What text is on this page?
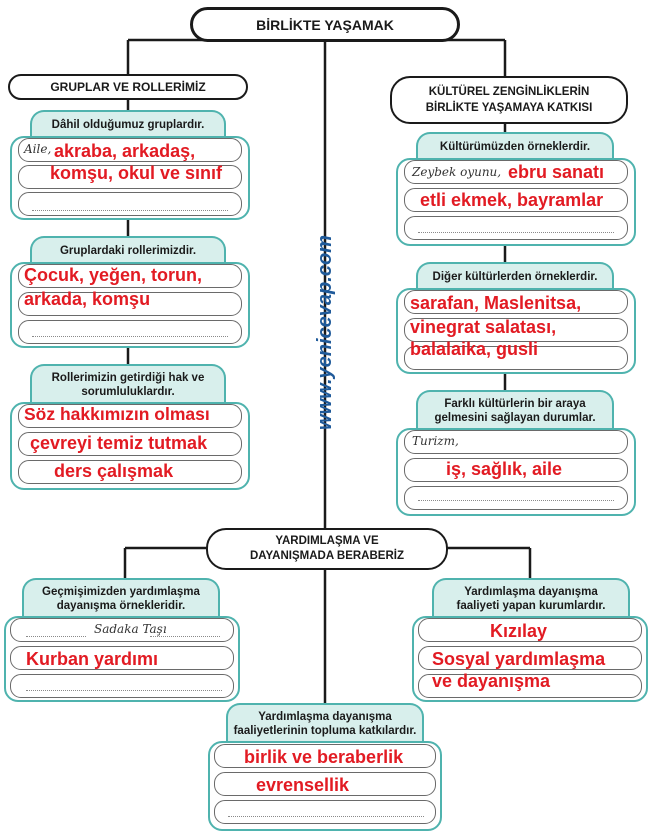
BİRLİKTE YAŞAMAK
www.yenicevap.com
GRUPLAR VE ROLLERİMİZ
Dâhil olduğumuz gruplardır.
Aile, akraba, arkadaş,
komşu, okul ve sınıf
Gruplardaki rollerimizdir.
Çocuk, yeğen, torun,
arkada, komşu
Rollerimizin getirdiği hak ve
sorumluluklardır.
Söz hakkımızın olması
çevreyi temiz tutmak
ders çalışmak
KÜLTÜREL ZENGİNLİKLERİN
BİRLİKTE YAŞAMAYA KATKISI
Kültürümüzden örneklerdir.
Zeybek oyunu, ebru sanatı
etli ekmek, bayramlar
Diğer kültürlerden örneklerdir.
sarafan, Maslenitsa,
vinegrat salatası,
balalaika, gusli
Farklı kültürlerin bir araya
gelmesini sağlayan durumlar.
Turizm,
iş, sağlık, aile
YARDIMLAŞMA VE
DAYANIŞMADA BERABERİZ
Geçmişimizden yardımlaşma
dayanışma örnekleridir.
Sadaka Taşı
Kurban yardımı
Yardımlaşma dayanışma
faaliyeti yapan kurumlardır.
Kızılay
Sosyal yardımlaşma
ve dayanışma
Yardımlaşma dayanışma
faaliyetlerinin topluma katkılardır.
birlik ve beraberlik
evrensellik
